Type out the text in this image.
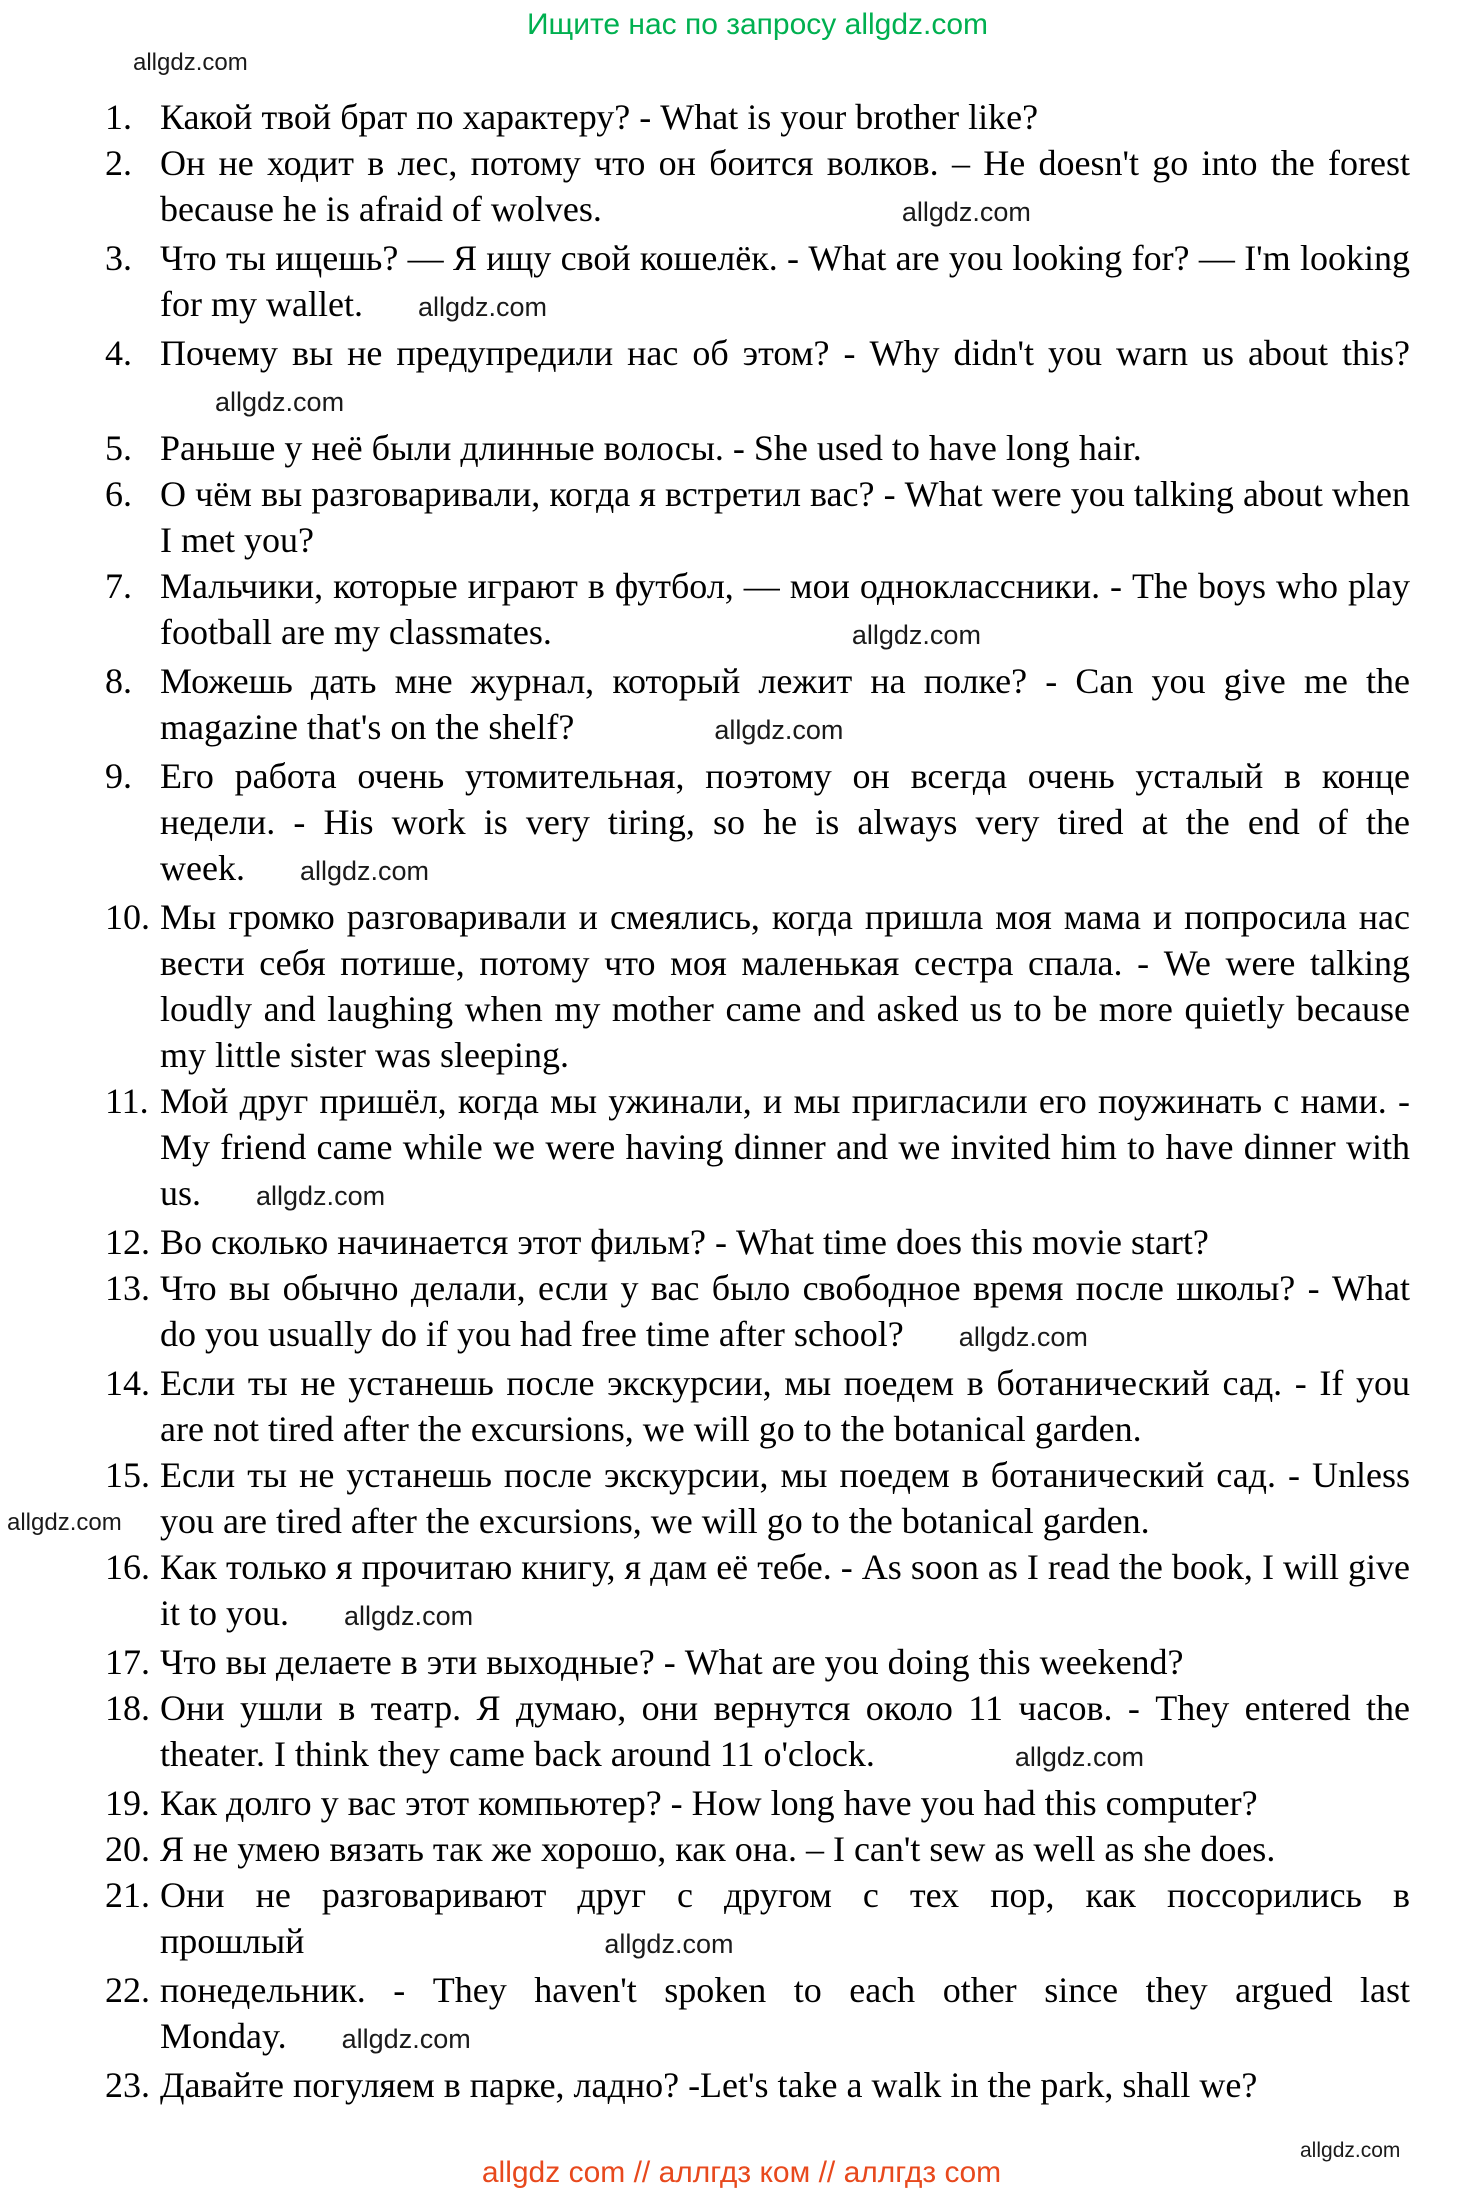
Ищите нас по запросу allgdz.com
allgdz.com
1. Какой твой брат по характеру? - What is your brother like?
2. Он не ходит в лес, потому что он боится волков. – He doesn't go into the forest because he is afraid of wolves.	allgdz.com
3. Что ты ищешь? — Я ищу свой кошелёк. - What are you looking for? — I'm looking for my wallet. allgdz.com
4. Почему вы не предупредили нас об этом? - Why didn't you warn us about this?allgdz.com
5. Раньше у неё были длинные волосы. - She used to have long hair.
6. О чём вы разговаривали, когда я встретил вас? - What were you talking about when I met you?
7. Мальчики, которые играют в футбол, — мои одноклассники. - The boys who play football are my classmates.	allgdz.com
8. Можешь дать мне журнал, который лежит на полке? - Can you give me the magazine that's on the shelf?	allgdz.com
9. Его работа очень утомительная, поэтому он всегда очень усталый в конце недели. - His work is very tiring, so he is always very tired at the end of the week. allgdz.com
10. Мы громко разговаривали и смеялись, когда пришла моя мама и попросила нас вести себя потише, потому что моя маленькая сестра спала. - We were talking loudly and laughing when my mother came and asked us to be more quietly because my little sister was sleeping.
11. Мой друг пришёл, когда мы ужинали, и мы пригласили его поужинать с нами. - My friend came while we were having dinner and we invited him to have dinner with us. allgdz.com
12. Во сколько начинается этот фильм? - What time does this movie start?
13. Что вы обычно делали, если у вас было свободное время после школы? - What do you usually do if you had free time after school? allgdz.com
14. Если ты не устанешь после экскурсии, мы поедем в ботанический сад. - If you are not tired after the excursions, we will go to the botanical garden.
15. Если ты не устанешь после экскурсии, мы поедем в ботанический сад. - Unless you are tired after the excursions, we will go to the botanical garden.
allgdz.com
16. Как только я прочитаю книгу, я дам её тебе. - As soon as I read the book, I will give it to you. allgdz.com
17. Что вы делаете в эти выходные? - What are you doing this weekend?
18. Они ушли в театр. Я думаю, они вернутся около 11 часов. - They entered the theater. I think they came back around 11 o'clock.	allgdz.com
19. Как долго у вас этот компьютер? - How long have you had this computer?
20. Я не умею вязать так же хорошо, как она. – I can't sew as well as she does.
21. Они не разговаривают друг с другом с тех пор, как поссорились в прошлый	allgdz.com
22. понедельник. - They haven't spoken to each other since they argued last Monday. allgdz.com
23. Давайте погуляем в парке, ладно? -Let's take a walk in the park, shall we?
allgdz.com
allgdz com // аллгдз ком // аллгдз com
